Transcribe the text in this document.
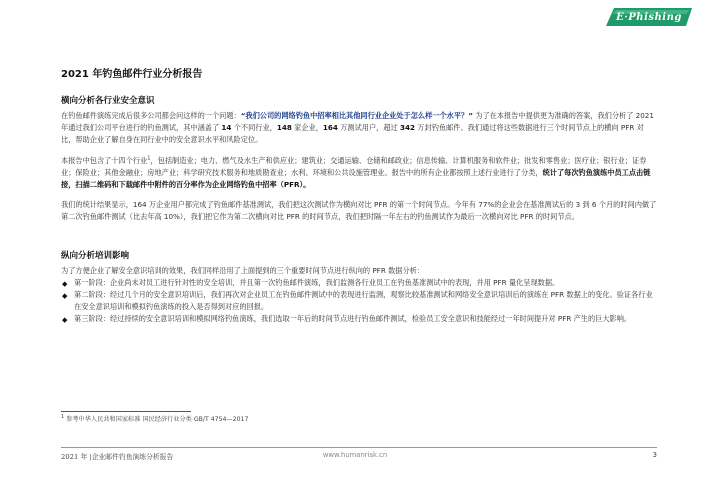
E·Phishing
2021 年钓鱼邮件行业分析报告
横向分析各行业安全意识

在钓鱼邮件演练完成后很多公司都会问这样的一个问题：“我们公司的网络钓鱼中招率相比其他同行业企业处于怎么样一个水平？” 为了在本报告中提供更为准确的答案，我们分析了 2021 年通过我们公司平台进行的钓鱼测试，其中涵盖了 14 个不同行业，148 家企业，164 万测试用户，超过 342 万封钓鱼邮件。我们通过将这些数据进行三个时间节点上的横向 PFR 对比，帮助企业了解自身在同行业中的安全意识水平和风险定位。

本报告中包含了十四个行业$^1$，包括制造业；电力、燃气及水生产和供应业；建筑业；交通运输、仓储和邮政业；信息传输、计算机服务和软件业；批发和零售业；医疗业；银行业；证券业；保险业；其他金融业；房地产业；科学研究技术服务和地质勘查业；水利、环境和公共设施管理业。报告中的所有企业都按照上述行业进行了分类，统计了每次钓鱼演练中员工点击链接，扫描二维码和下载邮件中附件的百分率作为企业网络钓鱼中招率（PFR）。

我们的统计结果显示，164 万企业用户都完成了钓鱼邮件基准测试，我们把这次测试作为横向对比 PFR 的第一个时间节点。今年有 77%的企业会在基准测试后的 3 到 6 个月的时间内做了第二次钓鱼邮件测试（比去年高 10%），我们把它作为第二次横向对比 PFR 的时间节点，我们把时隔一年左右的钓鱼测试作为最后一次横向对比 PFR 的时间节点。

纵向分析培训影响
为了方便企业了解安全意识培训的效果，我们同样沿用了上面提到的三个重要时间节点进行纵向的 PFR 数据分析：
◆ 第一阶段：企业尚未对员工进行针对性的安全培训，并且第一次钓鱼邮件演练，我们监测各行业员工在钓鱼基准测试中的表现，并用 PFR 量化呈现数据。
◆ 第二阶段：经过几个月的安全意识培训后，我们再次对企业员工在钓鱼邮件测试中的表现进行监测，观察比较基准测试和网络安全意识培训后的演练在 PFR 数据上的变化。验证各行业在安全意识培训和模拟钓鱼演练的投入是否得到对应的回报。
◆ 第三阶段：经过持续的安全意识培训和模拟网络钓鱼演练，我们选取一年后的时间节点进行钓鱼邮件测试，检验员工安全意识和技能经过一年时间提升对 PFR 产生的巨大影响。
$^1$ 参考中华人民共和国家标准 国民经济行业分类 GB/T 4754—2017
2021 年 |企业邮件钓鱼演练分析报告	www.humanrisk.cn	3
